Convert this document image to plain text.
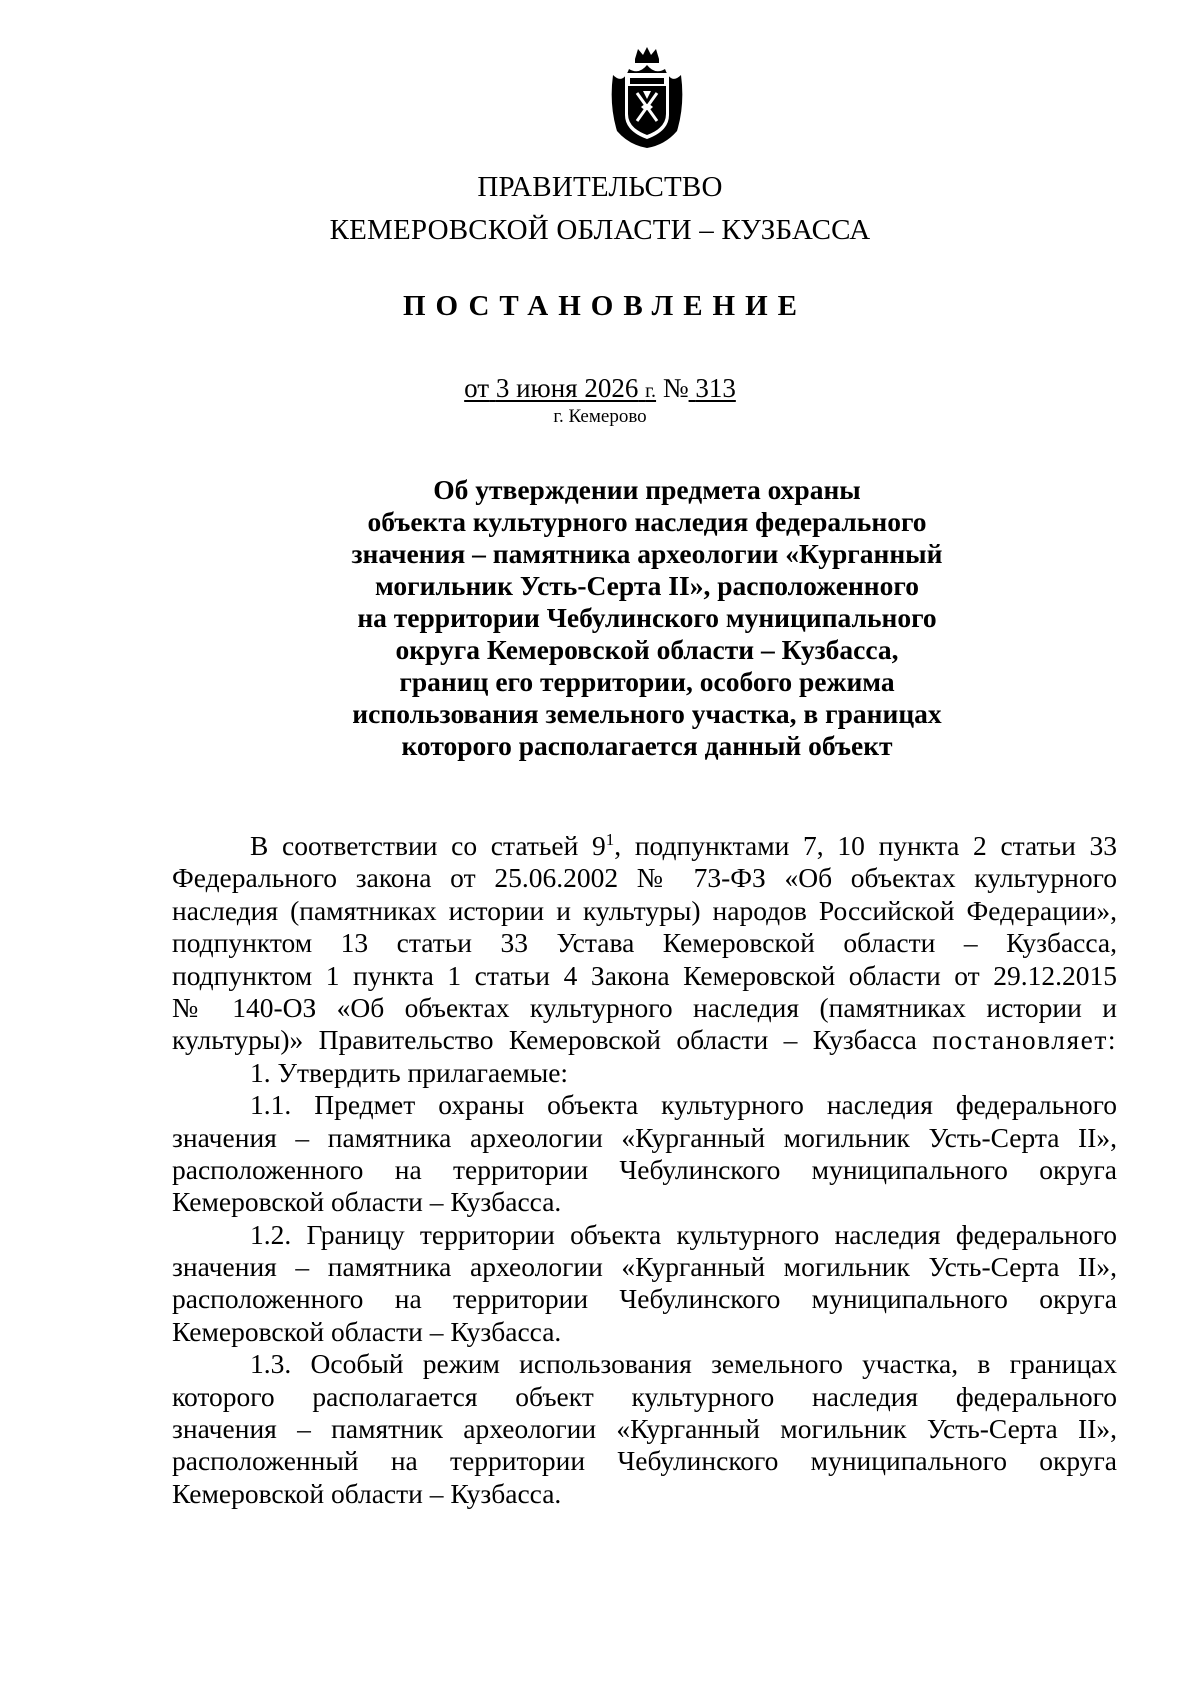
ПРАВИТЕЛЬСТВО
КЕМЕРОВСКОЙ ОБЛАСТИ – КУЗБАССА
ПОСТАНОВЛЕНИЕ
от 3 июня 2026 г. № 313
г. Кемерово
Об утверждении предмета охраны
объекта культурного наследия федерального
значения – памятника археологии «Курганный
могильник Усть-Серта II», расположенного
на территории Чебулинского муниципального
округа Кемеровской области – Кузбасса,
границ его территории, особого режима
использования земельного участка, в границах
которого располагается данный объект
В соответствии со статьей $9^1$, подпунктами 7, 10 пункта 2 статьи 33
Федерального закона от 25.06.2002 № 73-ФЗ «Об объектах культурного
наследия (памятниках истории и культуры) народов Российской Федерации»,
подпунктом 13 статьи 33 Устава Кемеровской области – Кузбасса,
подпунктом 1 пункта 1 статьи 4 Закона Кемеровской области от 29.12.2015
№ 140-ОЗ «Об объектах культурного наследия (памятниках истории и
культуры)» Правительство Кемеровской области – Кузбасса постановляет:
1. Утвердить прилагаемые:
1.1. Предмет охраны объекта культурного наследия федерального
значения – памятника археологии «Курганный могильник Усть-Серта II»,
расположенного на территории Чебулинского муниципального округа
Кемеровской области – Кузбасса.
1.2. Границу территории объекта культурного наследия федерального
значения – памятника археологии «Курганный могильник Усть-Серта II»,
расположенного на территории Чебулинского муниципального округа
Кемеровской области – Кузбасса.
1.3. Особый режим использования земельного участка, в границах
которого располагается объект культурного наследия федерального
значения – памятник археологии «Курганный могильник Усть-Серта II»,
расположенный на территории Чебулинского муниципального округа
Кемеровской области – Кузбасса.
